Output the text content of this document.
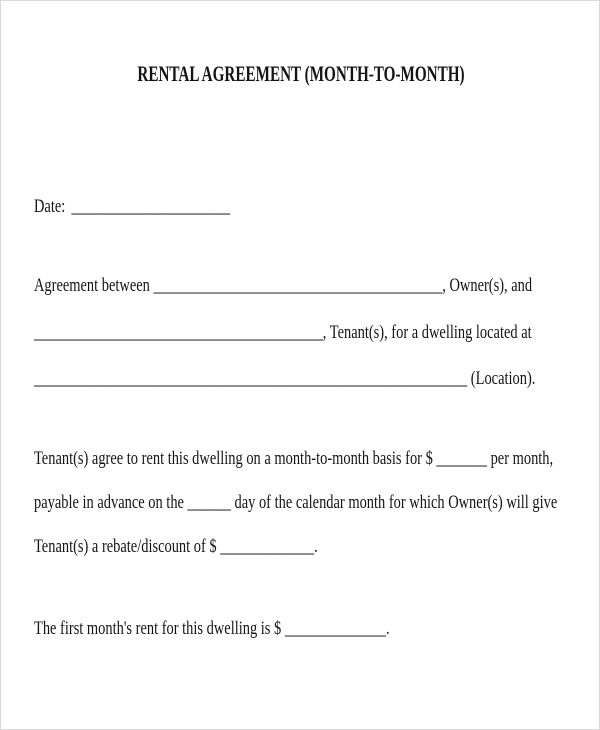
RENTAL AGREEMENT (MONTH-TO-MONTH)
Date: ______________________
Agreement between ________________________________________, Owner(s), and
________________________________________, Tenant(s), for a dwelling located at
____________________________________________________________ (Location).
Tenant(s) agree to rent this dwelling on a month-to-month basis for $ _______ per month,
payable in advance on the ______ day of the calendar month for which Owner(s) will give
Tenant(s) a rebate/discount of $ _____________.
The first month's rent for this dwelling is $ ______________.
